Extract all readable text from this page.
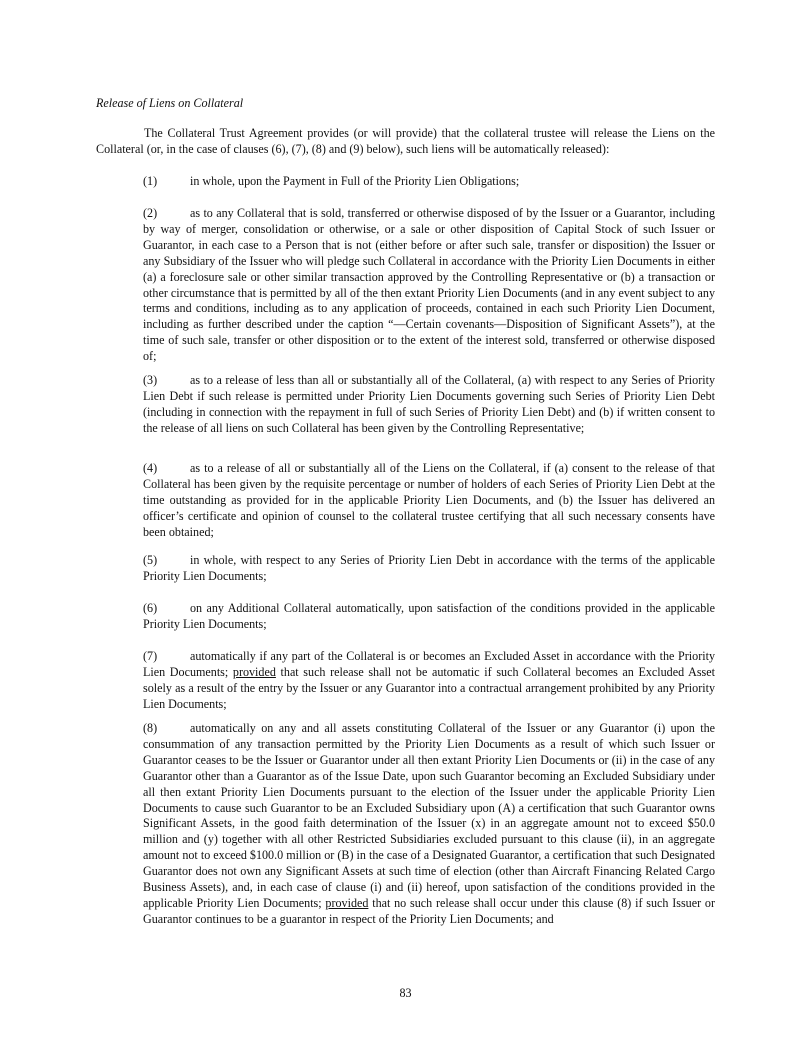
Release of Liens on Collateral

The Collateral Trust Agreement provides (or will provide) that the collateral trustee will release the Liens on the Collateral (or, in the case of clauses (6), (7), (8) and (9) below), such liens will be automatically released):

(1)	in whole, upon the Payment in Full of the Priority Lien Obligations;

(2)	as to any Collateral that is sold, transferred or otherwise disposed of by the Issuer or a Guarantor, including by way of merger, consolidation or otherwise, or a sale or other disposition of Capital Stock of such Issuer or Guarantor, in each case to a Person that is not (either before or after such sale, transfer or disposition) the Issuer or any Subsidiary of the Issuer who will pledge such Collateral in accordance with the Priority Lien Documents in either (a) a foreclosure sale or other similar transaction approved by the Controlling Representative or (b) a transaction or other circumstance that is permitted by all of the then extant Priority Lien Documents (and in any event subject to any terms and conditions, including as to any application of proceeds, contained in each such Priority Lien Document, including as further described under the caption “—Certain covenants—Disposition of Significant Assets”), at the time of such sale, transfer or other disposition or to the extent of the interest sold, transferred or otherwise disposed of;

(3)	as to a release of less than all or substantially all of the Collateral, (a) with respect to any Series of Priority Lien Debt if such release is permitted under Priority Lien Documents governing such Series of Priority Lien Debt (including in connection with the repayment in full of such Series of Priority Lien Debt) and (b) if written consent to the release of all liens on such Collateral has been given by the Controlling Representative;

(4)	as to a release of all or substantially all of the Liens on the Collateral, if (a) consent to the release of that Collateral has been given by the requisite percentage or number of holders of each Series of Priority Lien Debt at the time outstanding as provided for in the applicable Priority Lien Documents, and (b) the Issuer has delivered an officer’s certificate and opinion of counsel to the collateral trustee certifying that all such necessary consents have been obtained;

(5)	in whole, with respect to any Series of Priority Lien Debt in accordance with the terms of the applicable Priority Lien Documents;

(6)	on any Additional Collateral automatically, upon satisfaction of the conditions provided in the applicable Priority Lien Documents;

(7)	automatically if any part of the Collateral is or becomes an Excluded Asset in accordance with the Priority Lien Documents; provided that such release shall not be automatic if such Collateral becomes an Excluded Asset solely as a result of the entry by the Issuer or any Guarantor into a contractual arrangement prohibited by any Priority Lien Documents;

(8)	automatically on any and all assets constituting Collateral of the Issuer or any Guarantor (i) upon the consummation of any transaction permitted by the Priority Lien Documents as a result of which such Issuer or Guarantor ceases to be the Issuer or Guarantor under all then extant Priority Lien Documents or (ii) in the case of any Guarantor other than a Guarantor as of the Issue Date, upon such Guarantor becoming an Excluded Subsidiary under all then extant Priority Lien Documents pursuant to the election of the Issuer under the applicable Priority Lien Documents to cause such Guarantor to be an Excluded Subsidiary upon (A) a certification that such Guarantor owns Significant Assets, in the good faith determination of the Issuer (x) in an aggregate amount not to exceed $50.0 million and (y) together with all other Restricted Subsidiaries excluded pursuant to this clause (ii), in an aggregate amount not to exceed $100.0 million or (B) in the case of a Designated Guarantor, a certification that such Designated Guarantor does not own any Significant Assets at such time of election (other than Aircraft Financing Related Cargo Business Assets), and, in each case of clause (i) and (ii) hereof, upon satisfaction of the conditions provided in the applicable Priority Lien Documents; provided that no such release shall occur under this clause (8) if such Issuer or Guarantor continues to be a guarantor in respect of the Priority Lien Documents; and

83
